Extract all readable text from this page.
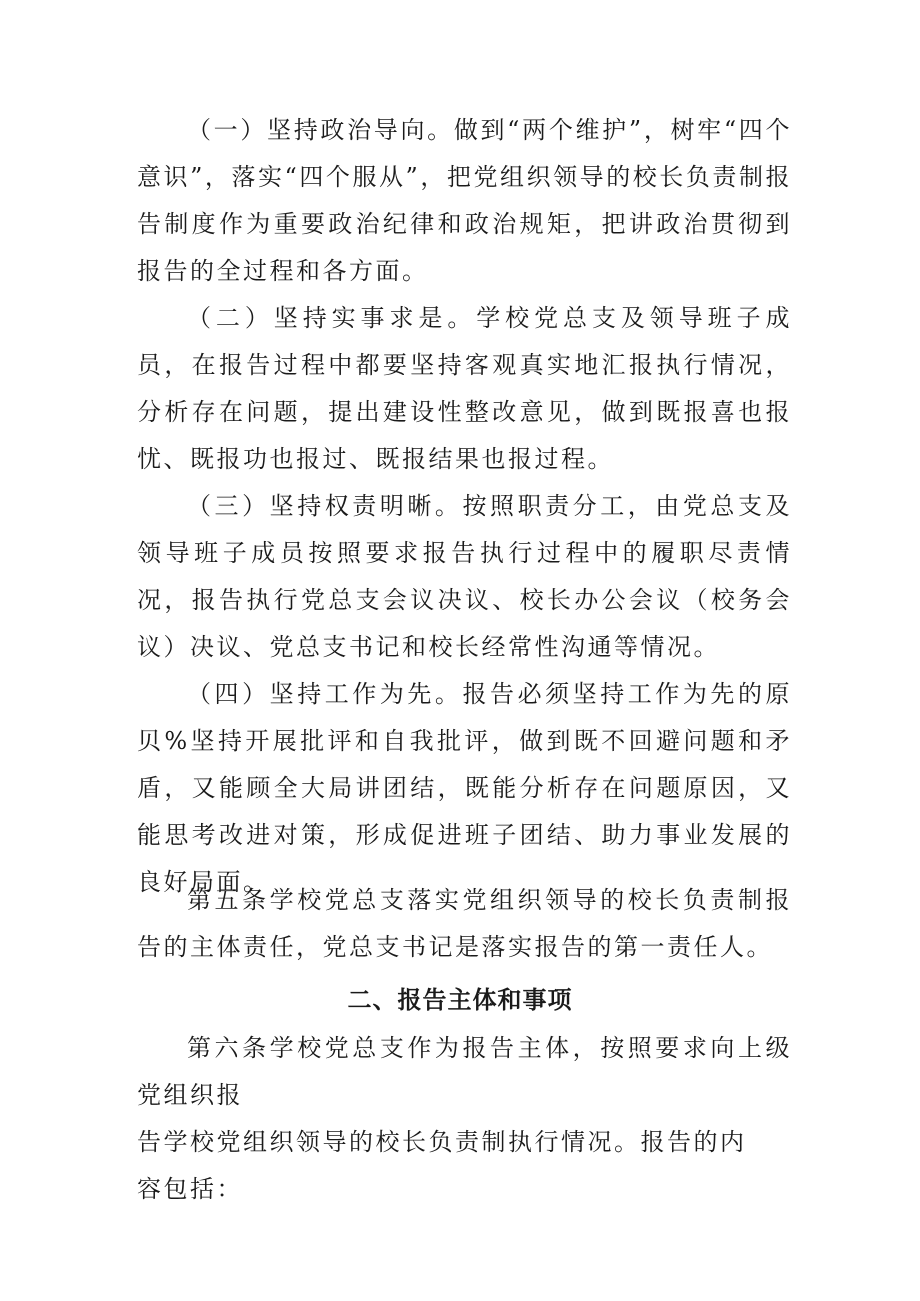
（一）坚持政治导向。做到“两个维护”，树牢“四个意识”，落实“四个服从”，把党组织领导的校长负责制报告制度作为重要政治纪律和政治规矩，把讲政治贯彻到报告的全过程和各方面。

（二）坚持实事求是。学校党总支及领导班子成员，在报告过程中都要坚持客观真实地汇报执行情况，分析存在问题，提出建设性整改意见，做到既报喜也报忧、既报功也报过、既报结果也报过程。

（三）坚持权责明晰。按照职责分工，由党总支及领导班子成员按照要求报告执行过程中的履职尽责情况，报告执行党总支会议决议、校长办公会议（校务会议）决议、党总支书记和校长经常性沟通等情况。

（四）坚持工作为先。报告必须坚持工作为先的原贝%坚持开展批评和自我批评，做到既不回避问题和矛盾，又能顾全大局讲团结，既能分析存在问题原因，又能思考改进对策，形成促进班子团结、助力事业发展的良好局面。

第五条学校党总支落实党组织领导的校长负责制报告的主体责任，党总支书记是落实报告的第一责任人。

二、报告主体和事项
第六条学校党总支作为报告主体，按照要求向上级党组织报
告学校党组织领导的校长负责制执行情况。报告的内
容包括：
